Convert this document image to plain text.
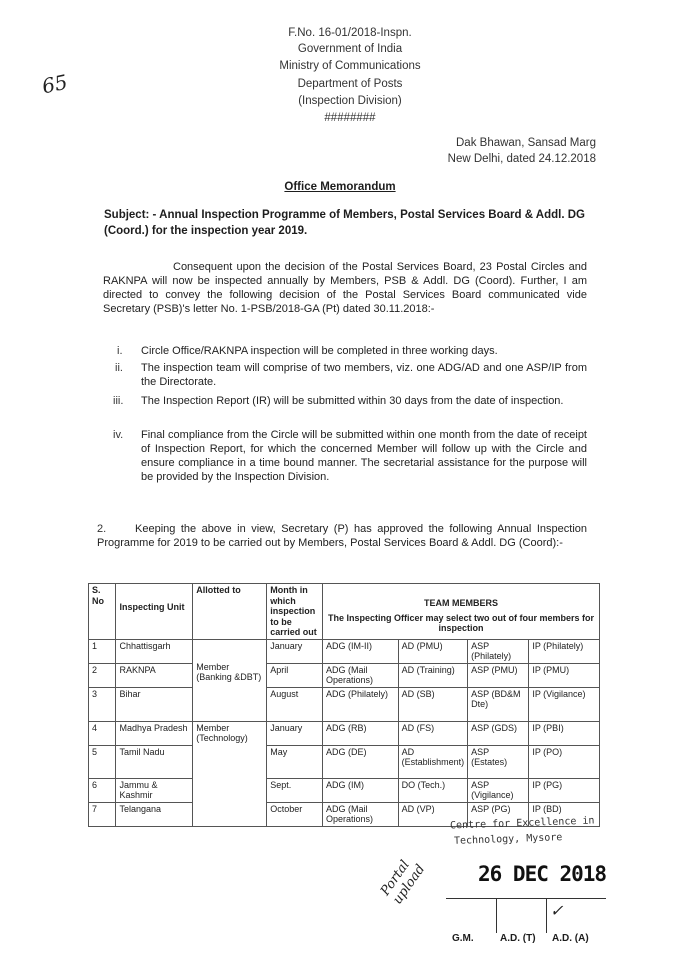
F.No. 16-01/2018-Inspn.
Government of India
Ministry of Communications
Department of Posts
(Inspection Division)
########
Dak Bhawan, Sansad Marg
New Delhi, dated 24.12.2018
65
Office Memorandum
Subject: - Annual Inspection Programme of Members, Postal Services Board & Addl. DG (Coord.) for the inspection year 2019.
Consequent upon the decision of the Postal Services Board, 23 Postal Circles and RAKNPA will now be inspected annually by Members, PSB & Addl. DG (Coord). Further, I am directed to convey the following decision of the Postal Services Board communicated vide Secretary (PSB)'s letter No. 1-PSB/2018-GA (Pt) dated 30.11.2018:-
i. Circle Office/RAKNPA inspection will be completed in three working days.
ii. The inspection team will comprise of two members, viz. one ADG/AD and one ASP/IP from the Directorate.
iii. The Inspection Report (IR) will be submitted within 30 days from the date of inspection.
iv. Final compliance from the Circle will be submitted within one month from the date of receipt of Inspection Report, for which the concerned Member will follow up with the Circle and ensure compliance in a time bound manner. The secretarial assistance for the purpose will be provided by the Inspection Division.
2.	Keeping the above in view, Secretary (P) has approved the following Annual Inspection Programme for 2019 to be carried out by Members, Postal Services Board & Addl. DG (Coord):-
S. No	Inspecting Unit	Allotted to	Month in which inspection to be carried out	TEAM MEMBERS			
				The Inspecting Officer may select two out of four members for inspection			
1	Chhattisgarh	Member (Banking &DBT)	January	ADG (IM-II)	AD (PMU)	ASP (Philately)	IP (Philately)
2	RAKNPA		April	ADG (Mail Operations)	AD (Training)	ASP (PMU)	IP (PMU)
3	Bihar		August	ADG (Philately)	AD (SB)	ASP (BD&M Dte)	IP (Vigilance)
4	Madhya Pradesh	Member (Technology)	January	ADG (RB)	AD (FS)	ASP (GDS)	IP (PBI)
5	Tamil Nadu		May	ADG (DE)	AD (Establishment)	ASP (Estates)	IP (PO)
6	Jammu & Kashmir		Sept.	ADG (IM)	DO (Tech.)	ASP (Vigilance)	IP (PG)
7	Telangana		October	ADG (Mail Operations)	AD (VP)	ASP (PG)	IP (BD)
Centre for Excellence in
Technology, Mysore
26 DEC 2018
✓
G.M.	A.D. (T) A.D. (A)
Portal upload
